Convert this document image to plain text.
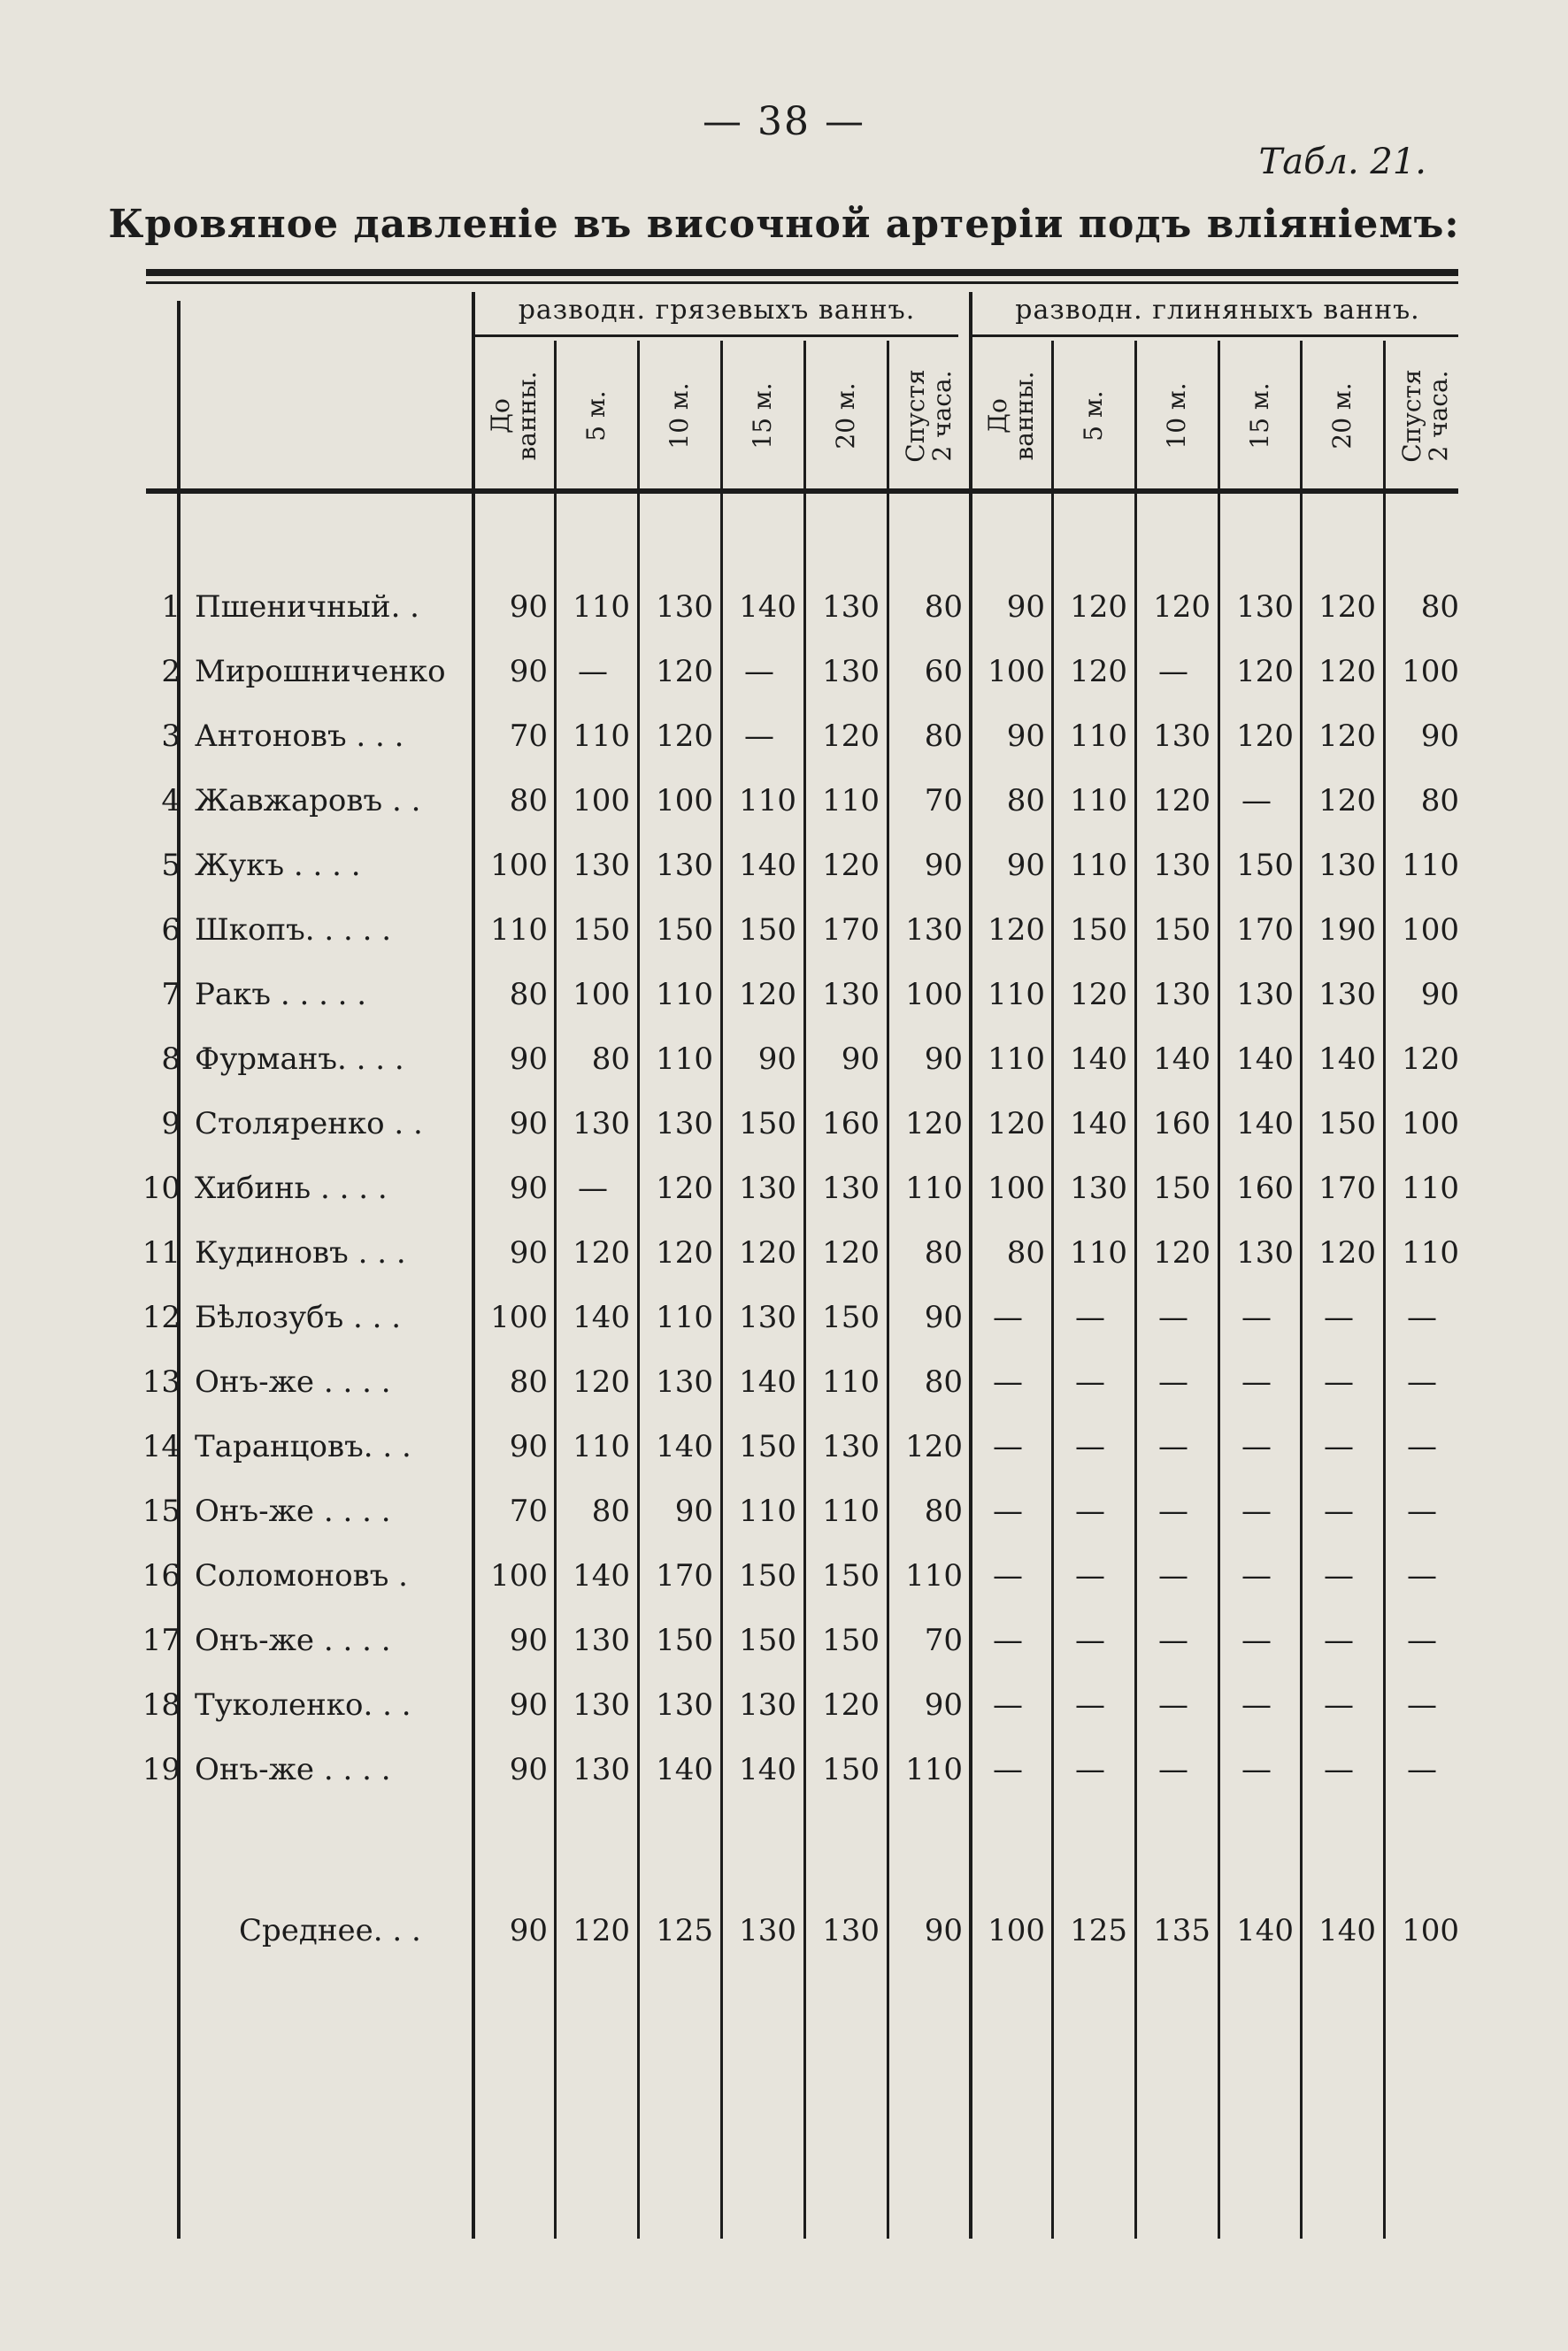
— 38 —
Табл. 21.
Кровяное давленіе въ височной артеріи подъ вліяніемъ:
разводн. грязевыхъ ваннъ.	разводн. глиняныхъ ваннъ.
До
ванны. 5 м. 10 м. 15 м. 20 м. Спустя
2 часа. До
ванны. 5 м. 10 м. 15 м. 20 м. Спустя
2 часа.
1 Пшеничный. .	90 110 130 140 130	80	90 120 120 130 120	80
2 Мирошниченко	90	—	120	—	130	60 100 120	—	120 120 100
3 Антоновъ . . .	70 110 120	—	120	80	90 110 130 120 120	90
4 Жавжаровъ . .	80 100 100 110 110	70	80 110 120	—	120	80
5 Жукъ . . . .	100 130 130 140 120	90	90 110 130 150 130 110
6 Шкопъ. . . . .	110 150 150 150 170 130 120 150 150 170 190 100
7 Ракъ . . . . .	80 100 110 120 130 100 110 120 130 130 130	90
8 Фурманъ. . . .	90	80 110	90	90	90 110 140 140 140 140 120
9 Столяренко . .	90 130 130 150 160 120 120 140 160 140 150 100
10 Хибинь . . . .	90	—	120 130 130 110 100 130 150 160 170 110
11 Кудиновъ . . .	90 120 120 120 120	80	80 110 120 130 120 110
12 Бѣлозубъ . . .	100 140 110 130 150	90	—	—	—	—	—	—
13 Онъ-же . . . .	80 120 130 140 110	80	—	—	—	—	—	—
14 Таранцовъ. . .	90 110 140 150 130 120	—	—	—	—	—	—
15 Онъ-же . . . .	70	80	90 110 110	80	—	—	—	—	—	—
16 Соломоновъ .	100 140 170 150 150 110	—	—	—	—	—	—
17 Онъ-же . . . .	90 130 150 150 150	70	—	—	—	—	—	—
18 Туколенко. . .	90 130 130 130 120	90	—	—	—	—	—	—
19 Онъ-же . . . .	90 130 140 140 150 110	—	—	—	—	—	—
Среднее. . .	90 120 125 130 130	90 100 125 135 140 140 100
